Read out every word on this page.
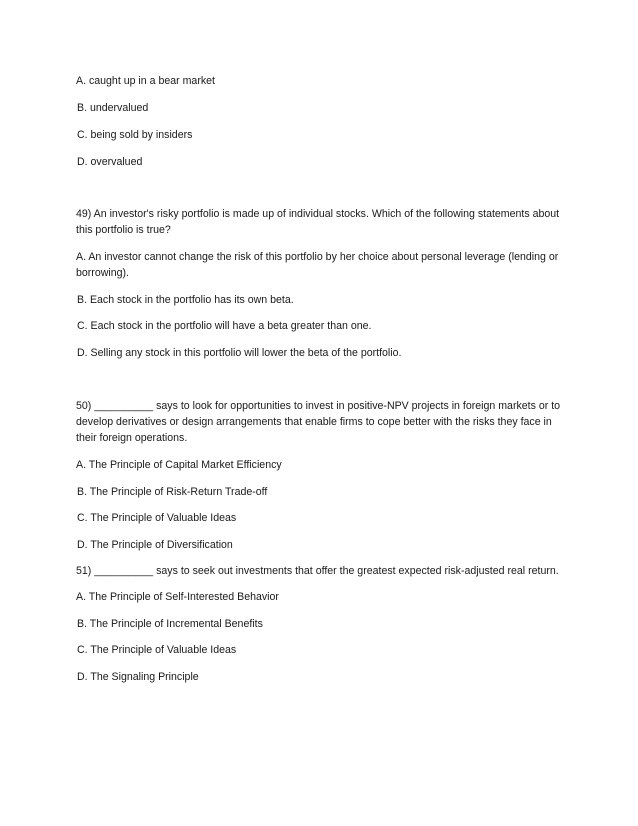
A. caught up in a bear market

B. undervalued

C. being sold by insiders

D. overvalued

49) An investor's risky portfolio is made up of individual stocks. Which of the following statements about this portfolio is true?

A. An investor cannot change the risk of this portfolio by her choice about personal leverage (lending or borrowing).

B. Each stock in the portfolio has its own beta.

C. Each stock in the portfolio will have a beta greater than one.

D. Selling any stock in this portfolio will lower the beta of the portfolio.

50) __________ says to look for opportunities to invest in positive-NPV projects in foreign markets or to develop derivatives or design arrangements that enable firms to cope better with the risks they face in their foreign operations.

A. The Principle of Capital Market Efficiency

B. The Principle of Risk-Return Trade-off

C. The Principle of Valuable Ideas

D. The Principle of Diversification

51) __________ says to seek out investments that offer the greatest expected risk-adjusted real return.

A. The Principle of Self-Interested Behavior

B. The Principle of Incremental Benefits

C. The Principle of Valuable Ideas

D. The Signaling Principle
